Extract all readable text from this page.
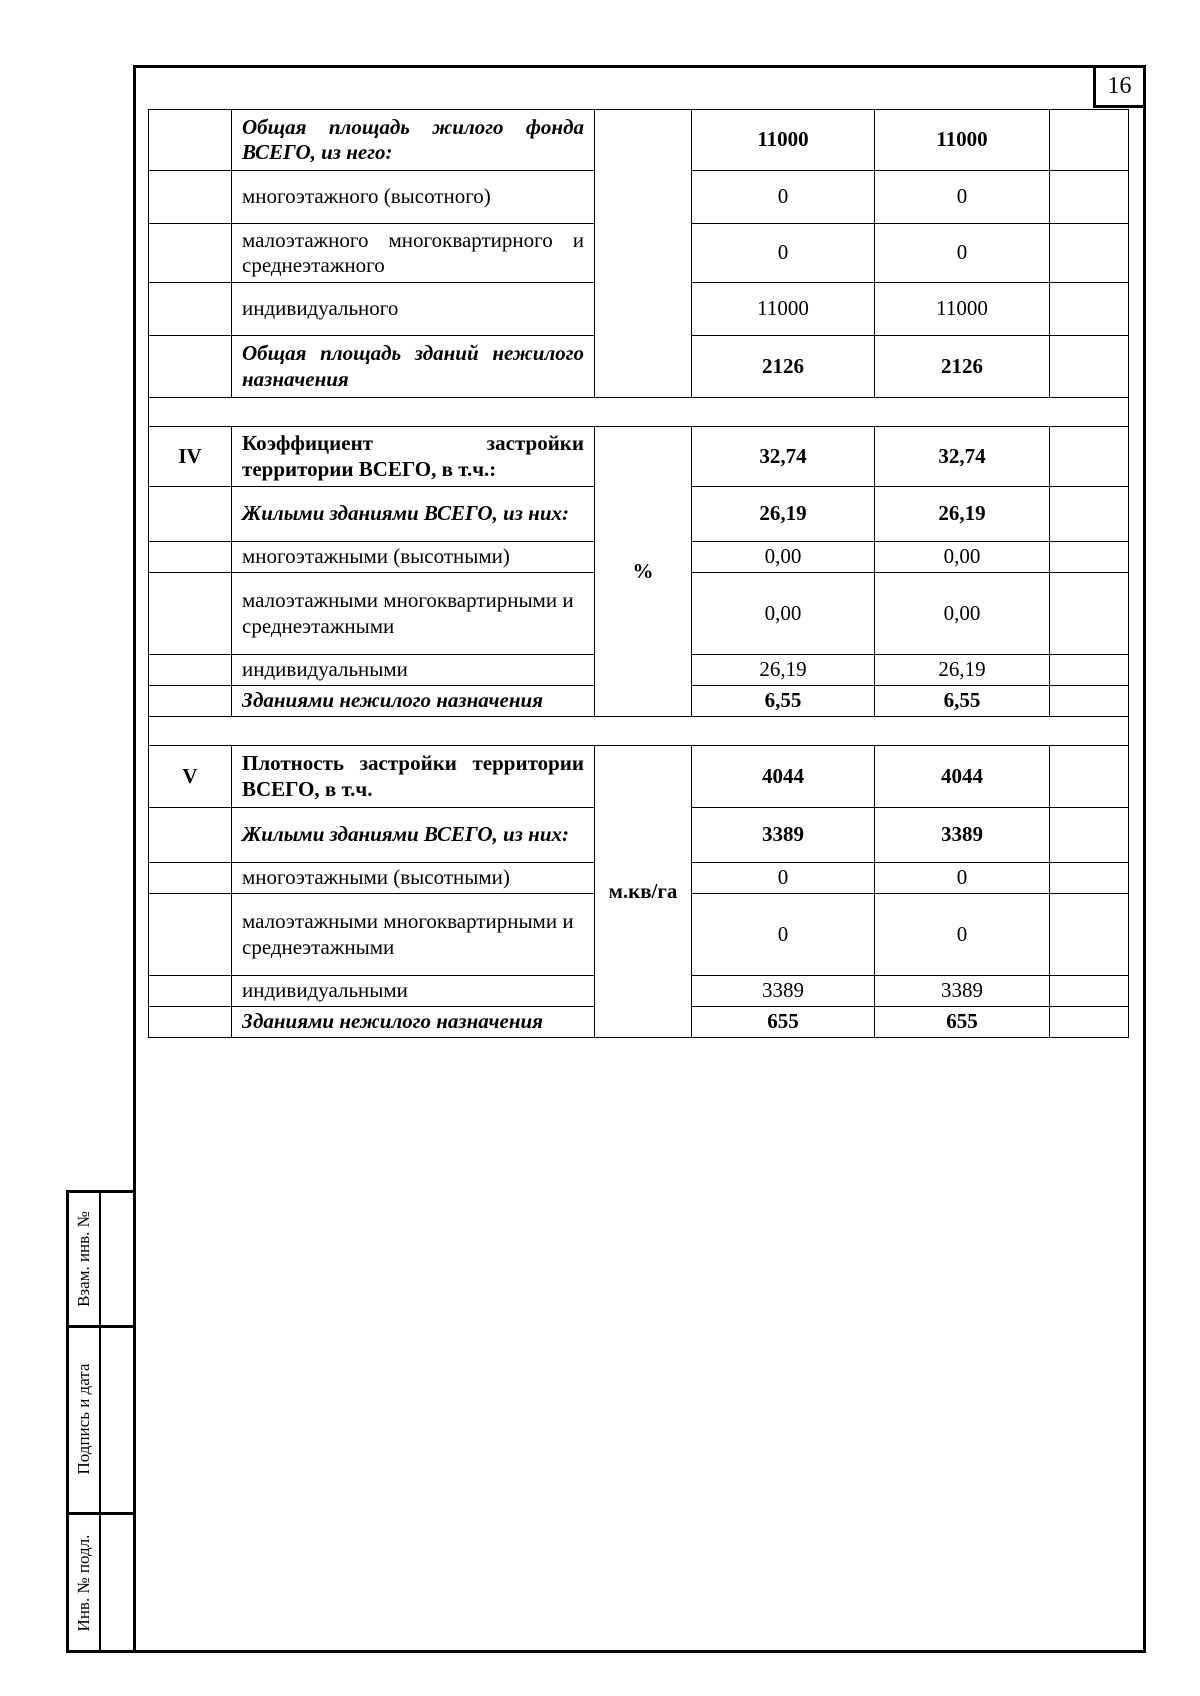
16
Взам. инв. №
Подпись и дата
Инв. № подл.
	Общая площадь жилого фонда ВСЕГО, из него:		11000	11000	
	многоэтажного (высотного)		0	0	
	малоэтажного многоквартирного и среднеэтажного		0	0	
	индивидуального		11000	11000	
	Общая площадь зданий нежилого назначения		2126	2126	

IV	Коэффициент застройки территории ВСЕГО, в т.ч.:	%	32,74	32,74	
	Жилыми зданиями ВСЕГО, из них:		26,19	26,19	
	многоэтажными (высотными)		0,00	0,00	
	малоэтажными многоквартирными и среднеэтажными		0,00	0,00	
	индивидуальными		26,19	26,19	
	Зданиями нежилого назначения		6,55	6,55	

V	Плотность застройки территории ВСЕГО, в т.ч.	м.кв/га	4044	4044	
	Жилыми зданиями ВСЕГО, из них:		3389	3389	
	многоэтажными (высотными)		0	0	
	малоэтажными многоквартирными и среднеэтажными		0	0	
	индивидуальными		3389	3389	
	Зданиями нежилого назначения		655	655	
